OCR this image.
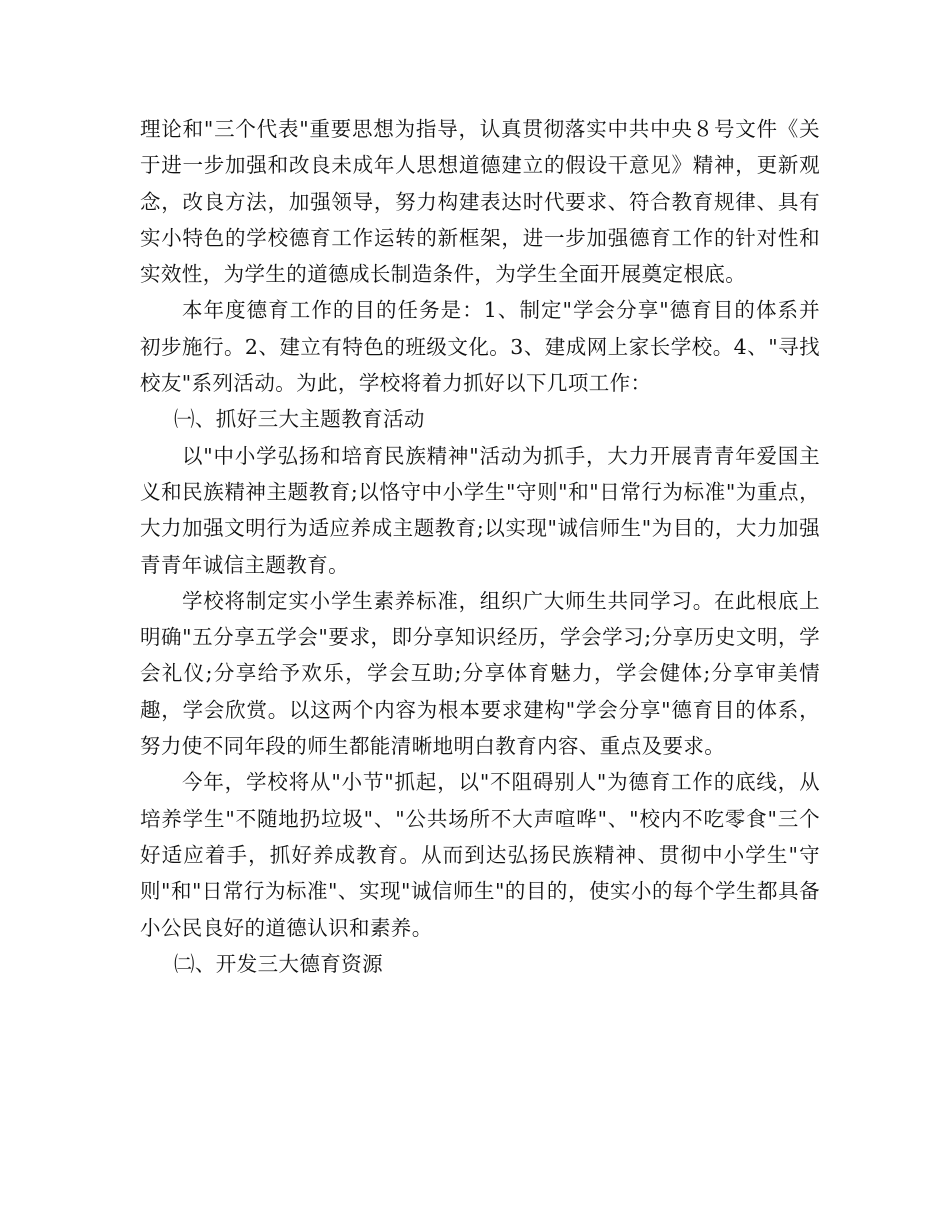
理论和"三个代表"重要思想为指导，认真贯彻落实中共中央８号文件《关于进一步加强和改良未成年人思想道德建立的假设干意见》精神，更新观念，改良方法，加强领导，努力构建表达时代要求、符合教育规律、具有实小特色的学校德育工作运转的新框架，进一步加强德育工作的针对性和实效性，为学生的道德成长制造条件，为学生全面开展奠定根底。

本年度德育工作的目的任务是：1、制定"学会分享"德育目的体系并初步施行。2、建立有特色的班级文化。3、建成网上家长学校。4、"寻找校友"系列活动。为此，学校将着力抓好以下几项工作：

㈠、抓好三大主题教育活动

以"中小学弘扬和培育民族精神"活动为抓手，大力开展青青年爱国主义和民族精神主题教育;以恪守中小学生"守则"和"日常行为标准"为重点，大力加强文明行为适应养成主题教育;以实现"诚信师生"为目的，大力加强青青年诚信主题教育。

学校将制定实小学生素养标准，组织广大师生共同学习。在此根底上明确"五分享五学会"要求，即分享知识经历，学会学习;分享历史文明，学会礼仪;分享给予欢乐，学会互助;分享体育魅力，学会健体;分享审美情趣，学会欣赏。以这两个内容为根本要求建构"学会分享"德育目的体系，努力使不同年段的师生都能清晰地明白教育内容、重点及要求。

今年，学校将从"小节"抓起，以"不阻碍别人"为德育工作的底线，从培养学生"不随地扔垃圾"、"公共场所不大声喧哗"、"校内不吃零食"三个好适应着手，抓好养成教育。从而到达弘扬民族精神、贯彻中小学生"守则"和"日常行为标准"、实现"诚信师生"的目的，使实小的每个学生都具备小公民良好的道德认识和素养。

㈡、开发三大德育资源
